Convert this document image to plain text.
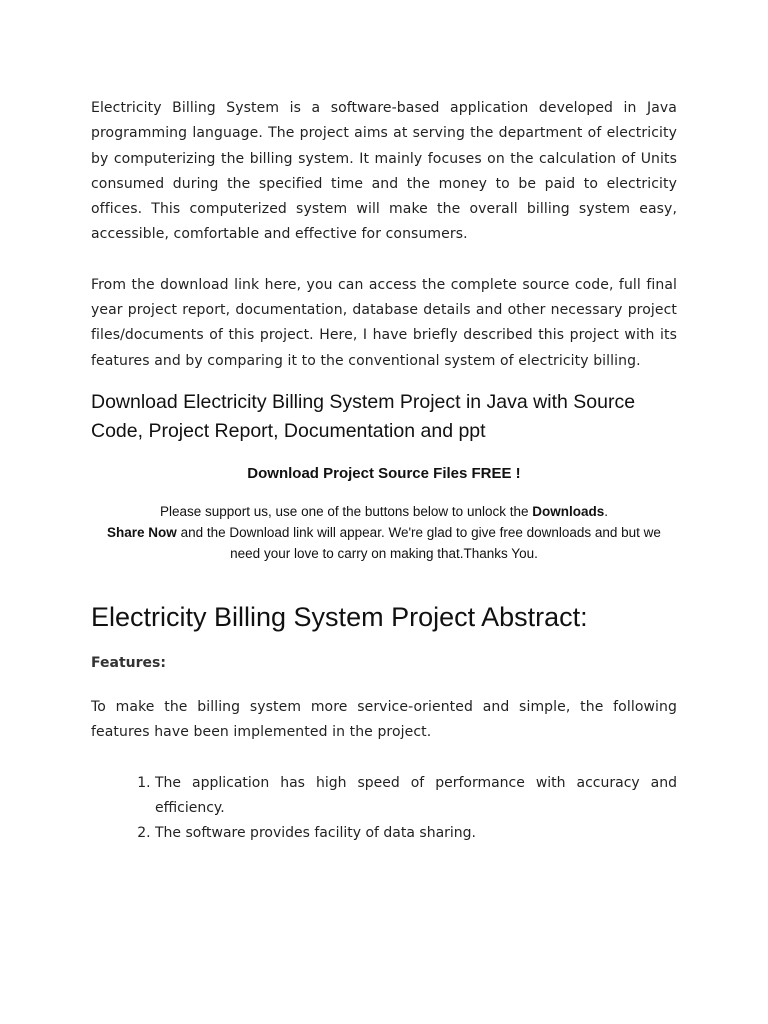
Electricity Billing System is a software-based application developed in Java programming language. The project aims at serving the department of electricity by computerizing the billing system. It mainly focuses on the calculation of Units consumed during the specified time and the money to be paid to electricity offices. This computerized system will make the overall billing system easy, accessible, comfortable and effective for consumers.

From the download link here, you can access the complete source code, full final year project report, documentation, database details and other necessary project files/documents of this project. Here, I have briefly described this project with its features and by comparing it to the conventional system of electricity billing.

Download Electricity Billing System Project in Java with Source Code, Project Report, Documentation and ppt
Download Project Source Files FREE !
Please support us, use one of the buttons below to unlock the Downloads.
Share Now and the Download link will appear. We're glad to give free downloads and but we need your love to carry on making that.Thanks You.
Electricity Billing System Project Abstract:
Features:

To make the billing system more service-oriented and simple, the following features have been implemented in the project.

1. The application has high speed of performance with accuracy and efficiency.
2. The software provides facility of data sharing.
